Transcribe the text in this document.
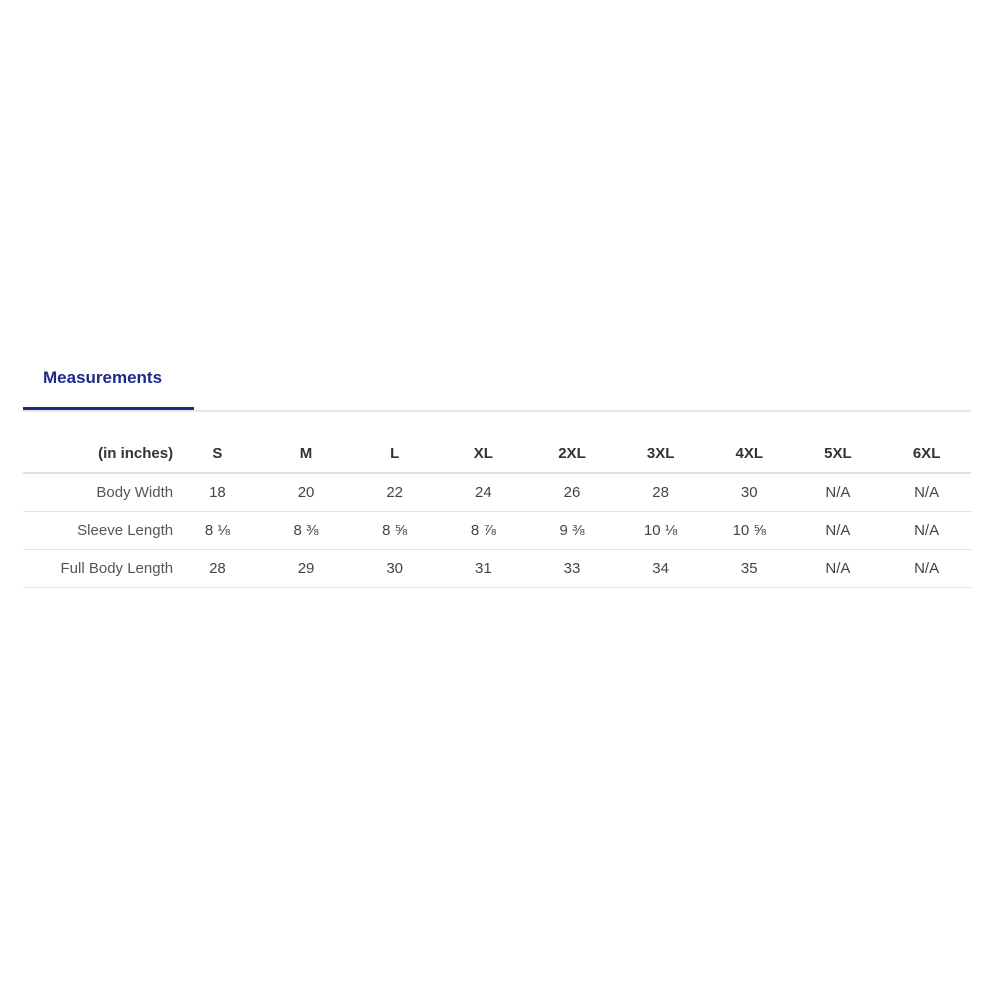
Measurements
(in inches)	S	M	L	XL	2XL	3XL	4XL	5XL	6XL
Body Width	18	20	22	24	26	28	30	N/A	N/A
Sleeve Length	8 ⅛	8 ⅜	8 ⅝	8 ⅞	9 ⅜	10 ⅛	10 ⅝	N/A	N/A
Full Body Length	28	29	30	31	33	34	35	N/A	N/A
